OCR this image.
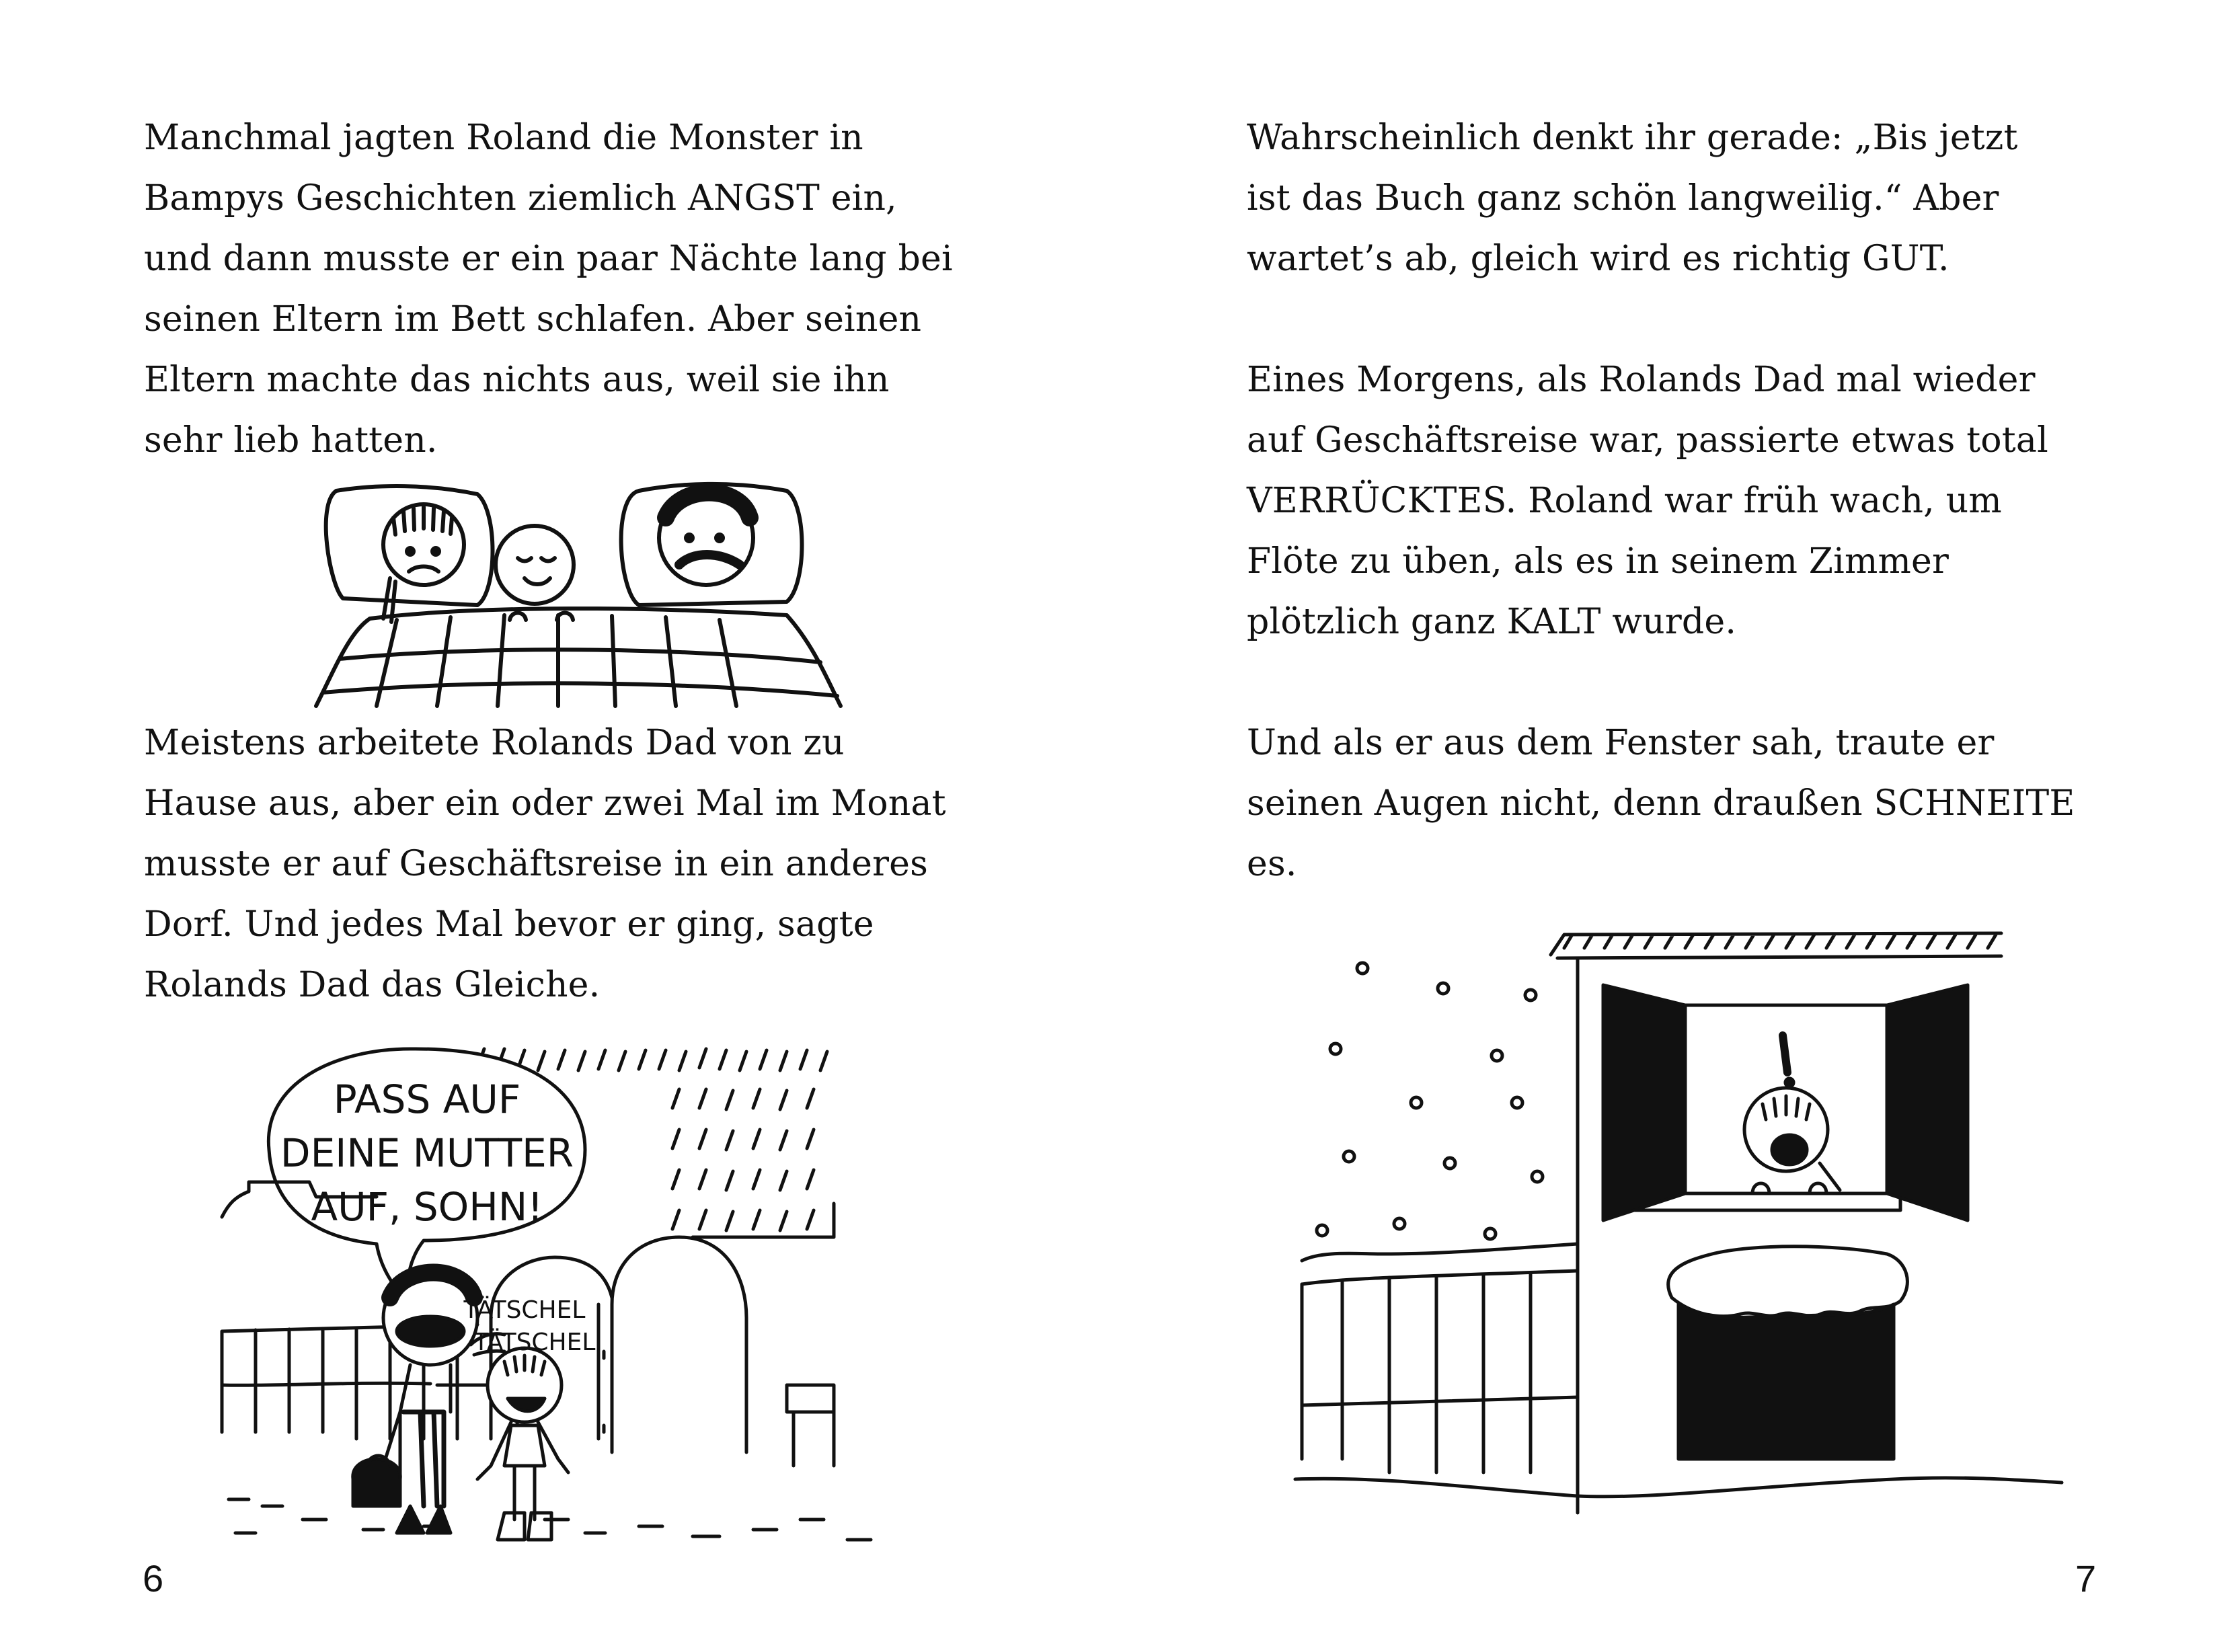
Manchmal jagten Roland die Monster in
Bampys Geschichten ziemlich ANGST ein,
und dann musste er ein paar Nächte lang bei
seinen Eltern im Bett schlafen. Aber seinen
Eltern machte das nichts aus, weil sie ihn
sehr lieb hatten.
Meistens arbeitete Rolands Dad von zu
Hause aus, aber ein oder zwei Mal im Monat
musste er auf Geschäftsreise in ein anderes
Dorf. Und jedes Mal bevor er ging, sagte
Rolands Dad das Gleiche.
PASS AUF
DEINE MUTTER
AUF, SOHN!
TÄTSCHEL
TÄTSCHEL
6
Wahrscheinlich denkt ihr gerade: „Bis jetzt
ist das Buch ganz schön langweilig.“ Aber
wartet’s ab, gleich wird es richtig GUT.
Eines Morgens, als Rolands Dad mal wieder
auf Geschäftsreise war, passierte etwas total
VERRÜCKTES. Roland war früh wach, um
Flöte zu üben, als es in seinem Zimmer
plötzlich ganz KALT wurde.
Und als er aus dem Fenster sah, traute er
seinen Augen nicht, denn draußen SCHNEITE
es.
7
